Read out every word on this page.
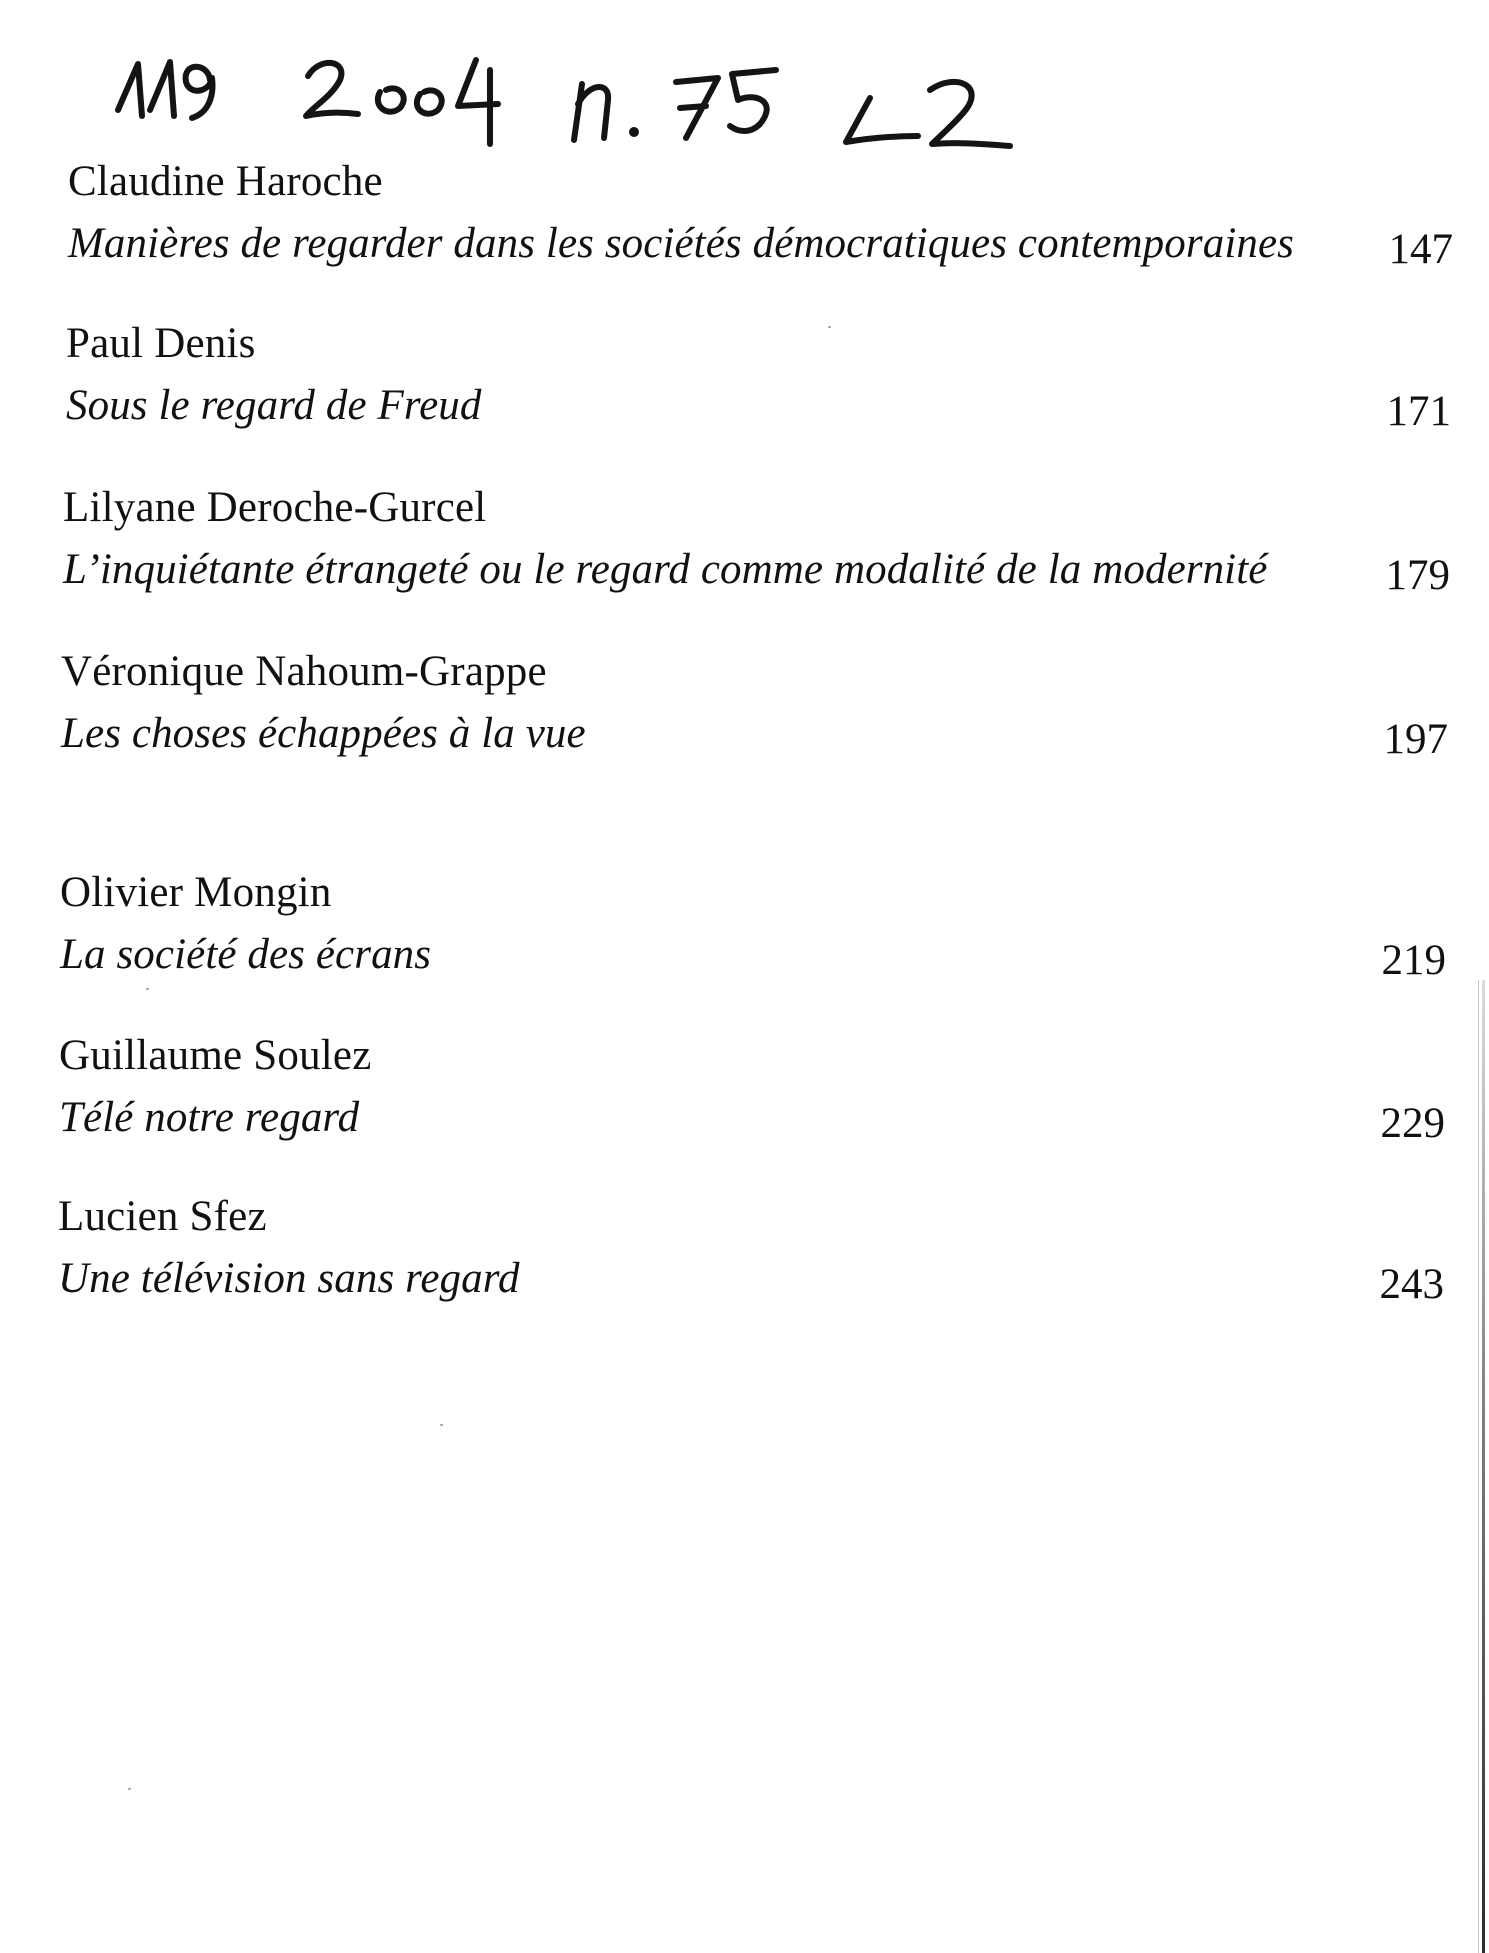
Claudine Haroche
Manières de regarder dans les sociétés démocratiques contemporaines	147
Paul Denis
Sous le regard de Freud	171
Lilyane Deroche-Gurcel
L’inquiétante étrangeté ou le regard comme modalité de la modernité	179
Véronique Nahoum-Grappe
Les choses échappées à la vue	197
Olivier Mongin
La société des écrans	219
Guillaume Soulez
Télé notre regard	229
Lucien Sfez
Une télévision sans regard	243
